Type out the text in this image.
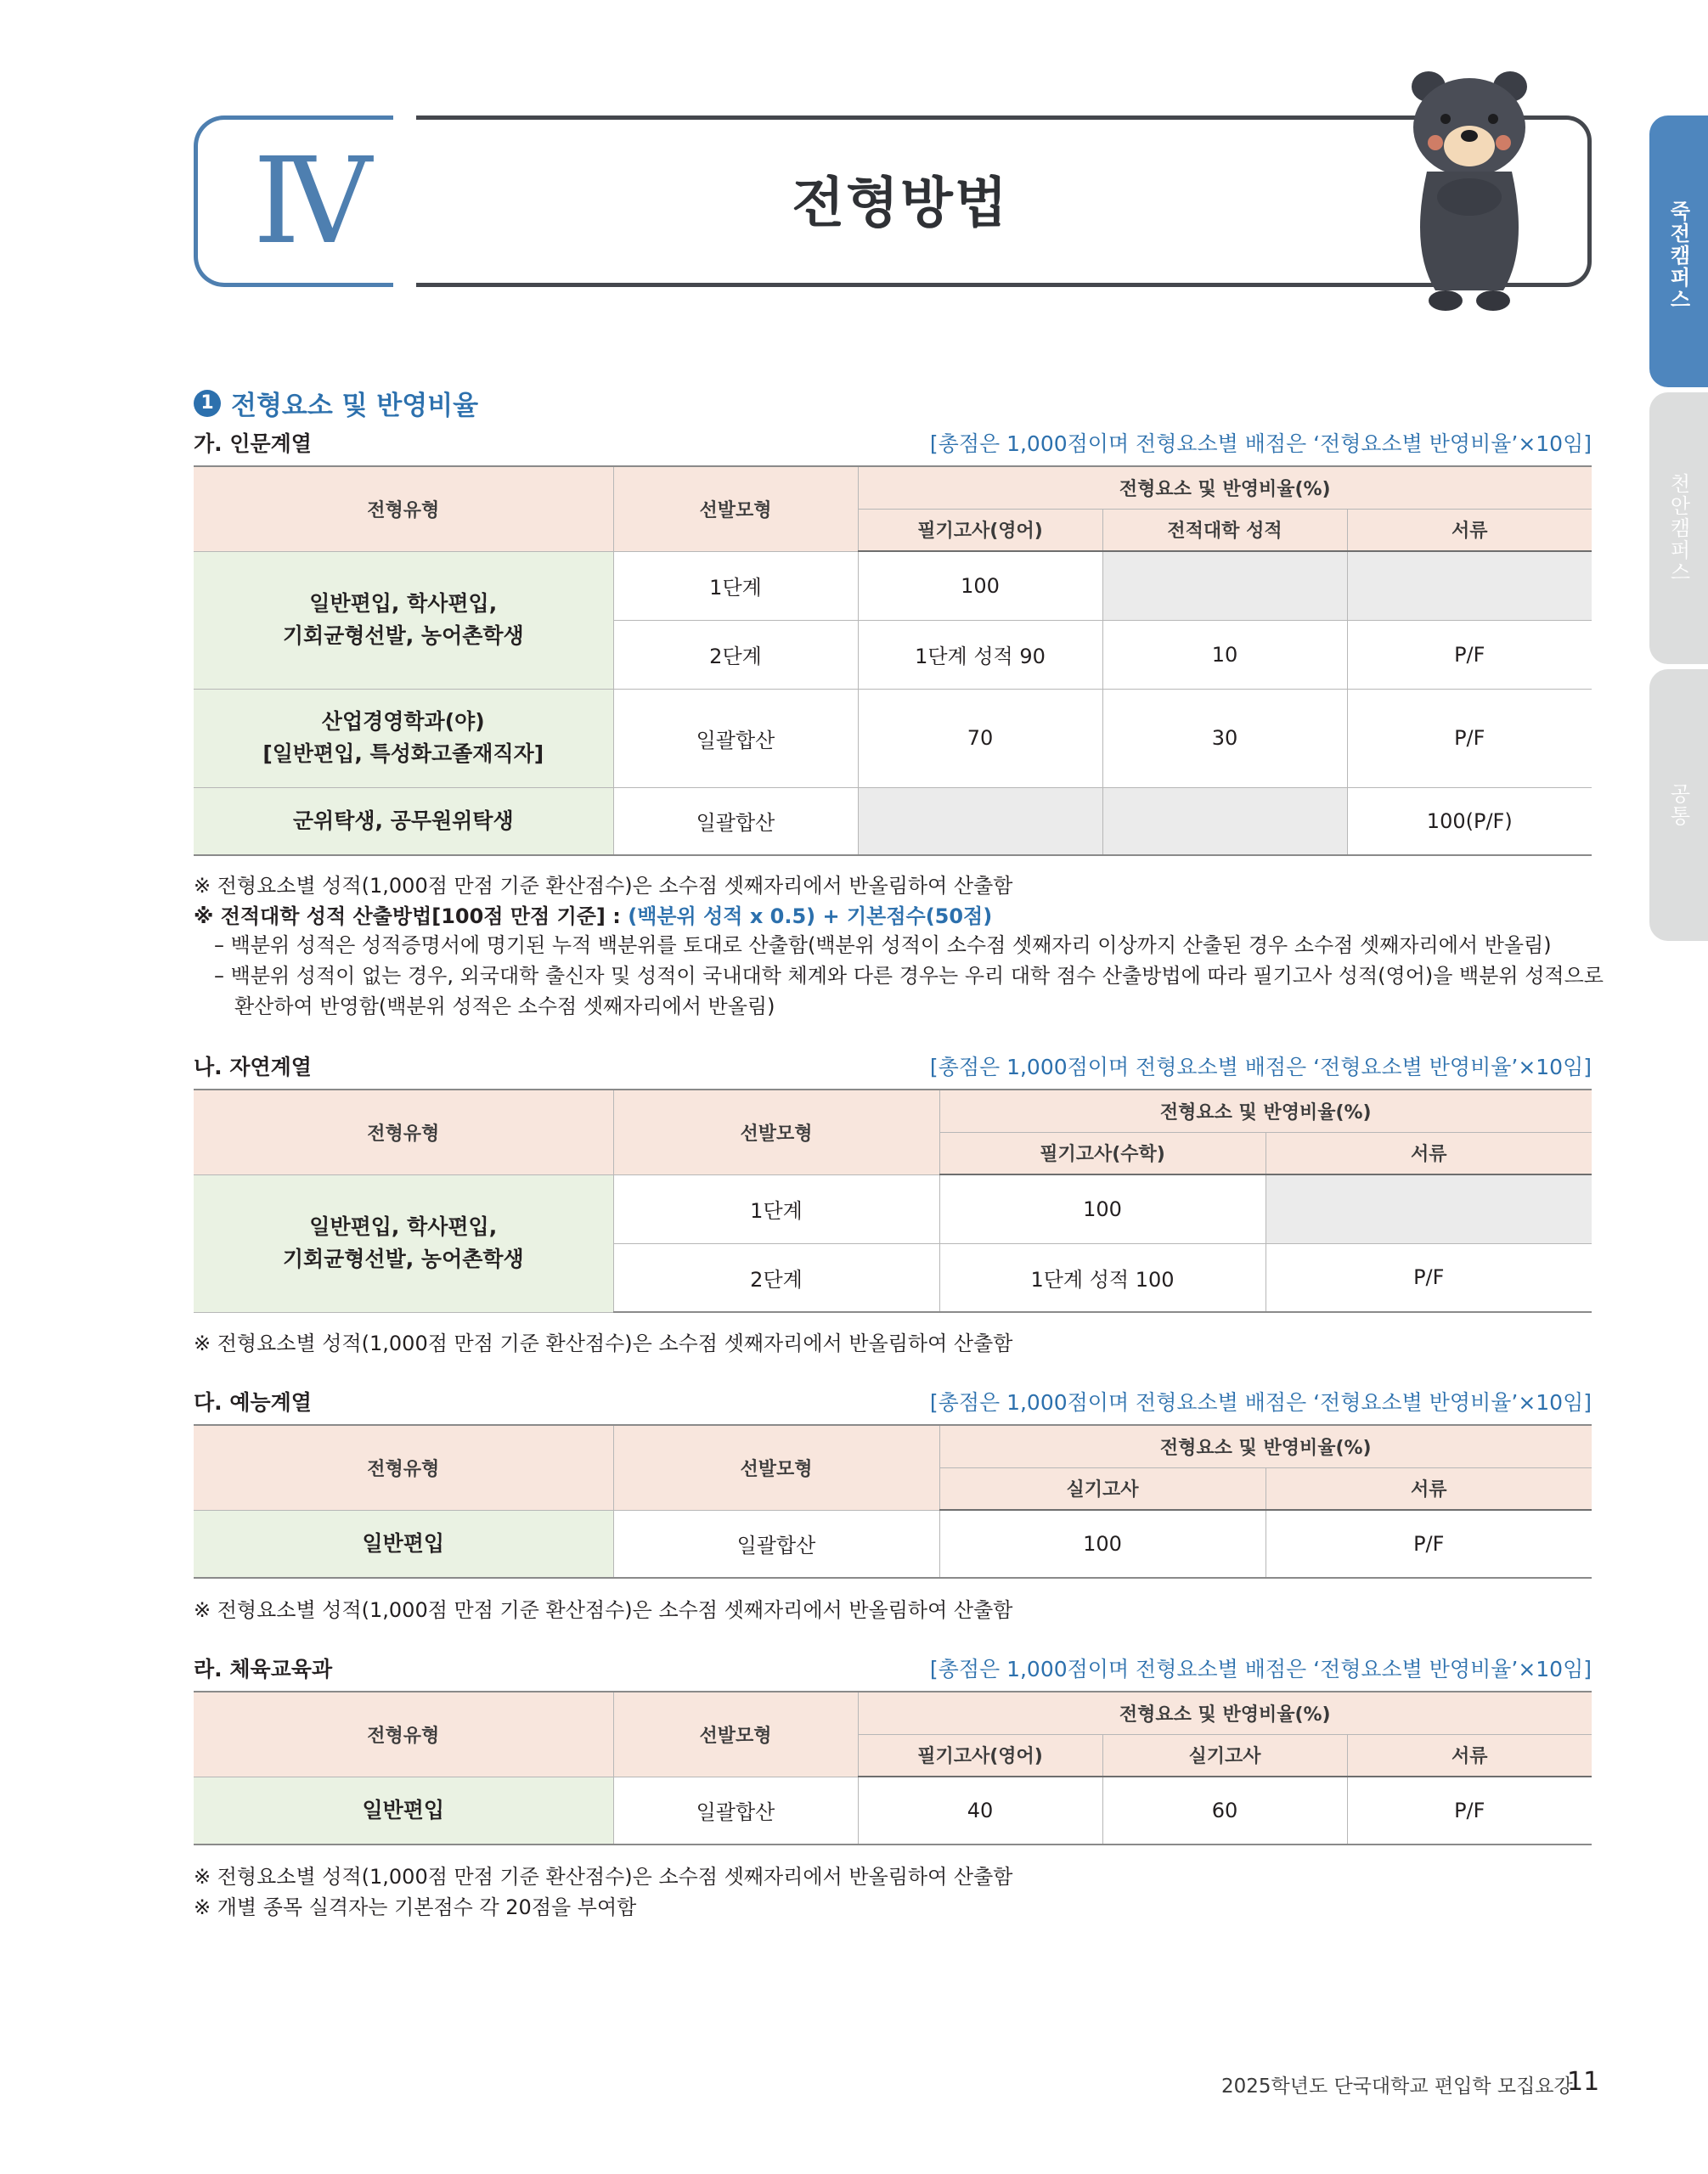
Ⅳ	전형방법	죽전캠퍼스
천안캠퍼스
공통
1 전형요소 및 반영비율
가. 인문계열	[총점은 1,000점이며 전형요소별 배점은 ‘전형요소별 반영비율’×10임]
전형유형	선발모형	전형요소 및 반영비율(%)		
		필기고사(영어)	전적대학 성적	서류
일반편입, 학사편입,
기회균형선발, 농어촌학생	1단계	100		
	2단계	1단계 성적 90	10	P/F
산업경영학과(야)
[일반편입, 특성화고졸재직자]	일괄합산	70	30	P/F
군위탁생, 공무원위탁생	일괄합산			100(P/F)
※ 전형요소별 성적(1,000점 만점 기준 환산점수)은 소수점 셋째자리에서 반올림하여 산출함
※ 전적대학 성적 산출방법[100점 만점 기준] : (백분위 성적 x 0.5) + 기본점수(50점)
– 백분위 성적은 성적증명서에 명기된 누적 백분위를 토대로 산출함(백분위 성적이 소수점 셋째자리 이상까지 산출된 경우 소수점 셋째자리에서 반올림)
– 백분위 성적이 없는 경우, 외국대학 출신자 및 성적이 국내대학 체계와 다른 경우는 우리 대학 점수 산출방법에 따라 필기고사 성적(영어)을 백분위 성적으로
환산하여 반영함(백분위 성적은 소수점 셋째자리에서 반올림)
나. 자연계열	[총점은 1,000점이며 전형요소별 배점은 ‘전형요소별 반영비율’×10임]
전형유형	선발모형	전형요소 및 반영비율(%)	
		필기고사(수학)	서류
일반편입, 학사편입,
기회균형선발, 농어촌학생	1단계	100	
	2단계	1단계 성적 100	P/F
※ 전형요소별 성적(1,000점 만점 기준 환산점수)은 소수점 셋째자리에서 반올림하여 산출함
다. 예능계열	[총점은 1,000점이며 전형요소별 배점은 ‘전형요소별 반영비율’×10임]
전형유형	선발모형	전형요소 및 반영비율(%)	
		실기고사	서류
일반편입	일괄합산	100	P/F
※ 전형요소별 성적(1,000점 만점 기준 환산점수)은 소수점 셋째자리에서 반올림하여 산출함
라. 체육교육과	[총점은 1,000점이며 전형요소별 배점은 ‘전형요소별 반영비율’×10임]
전형유형	선발모형	전형요소 및 반영비율(%)		
		필기고사(영어)	실기고사	서류
일반편입	일괄합산	40	60	P/F
※ 전형요소별 성적(1,000점 만점 기준 환산점수)은 소수점 셋째자리에서 반올림하여 산출함
※ 개별 종목 실격자는 기본점수 각 20점을 부여함
2025학년도 단국대학교 편입학 모집요강
11
